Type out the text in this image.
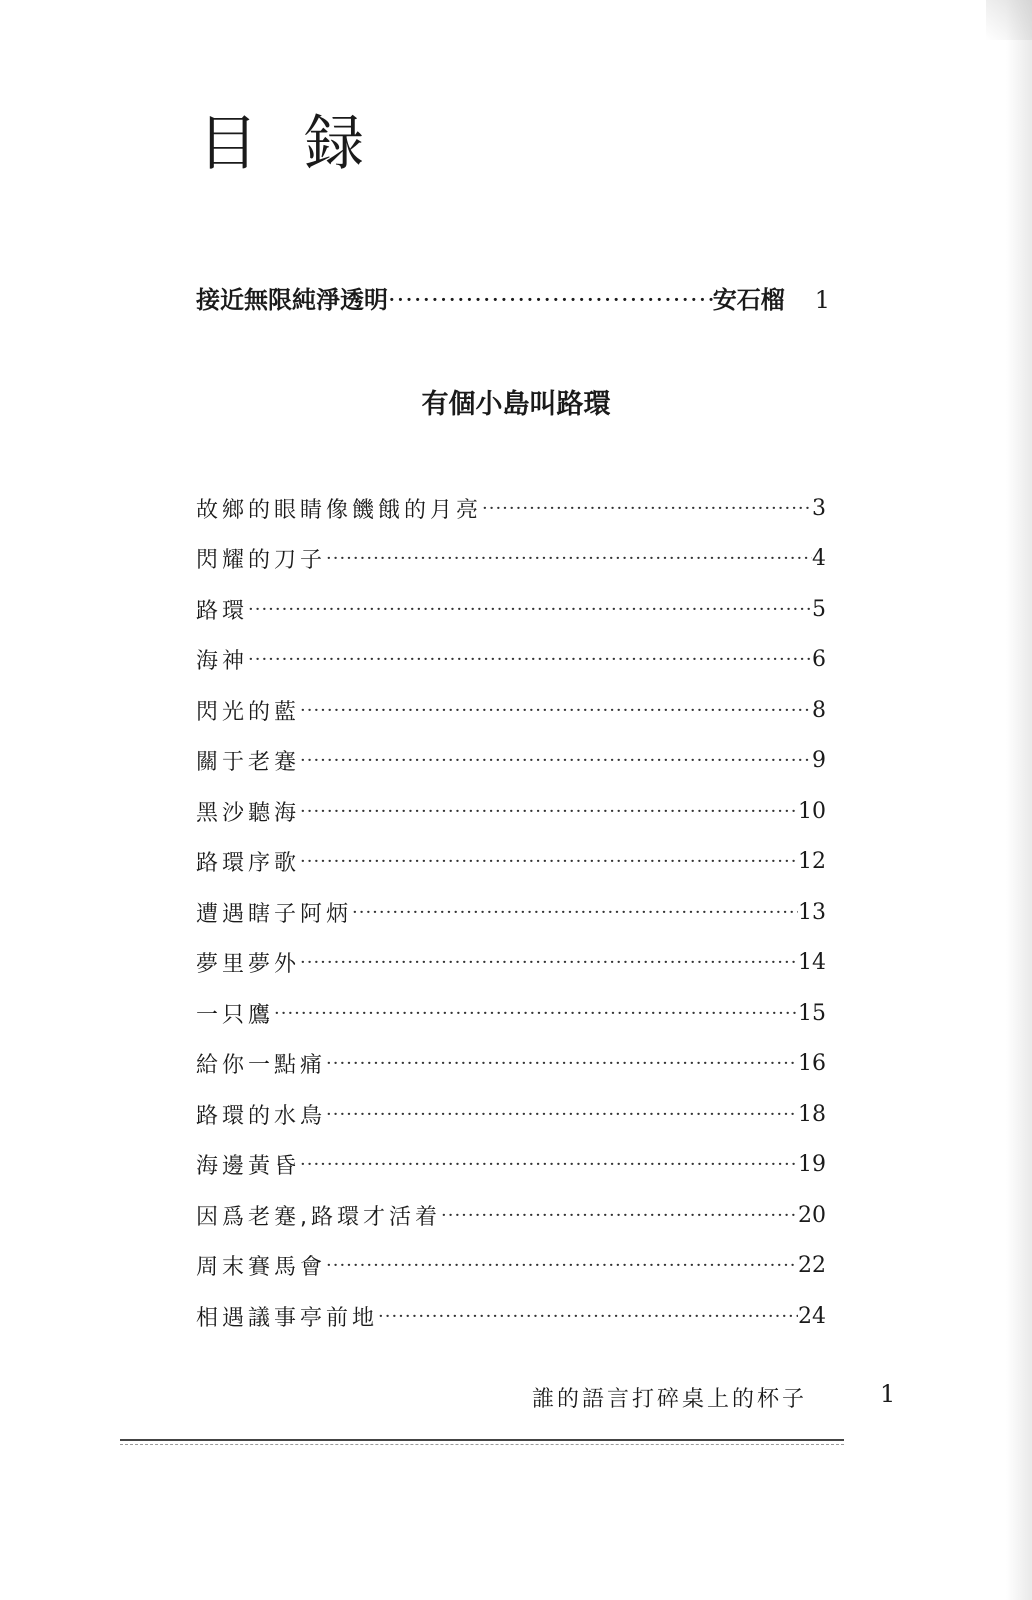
目録
接近無限純淨透明 ·····	安石榴 1
有個小島叫路環
故鄉的眼睛像饑餓的月亮 ·····	3
閃耀的刀子 ·····	4
路環 ·····	5
海神 ·····	6
閃光的藍 ·····	8
關于老蹇 ·····	9
黑沙聽海 ·····	10
路環序歌 ·····	12
遭遇瞎子阿炳 ·····	13
夢里夢外 ·····	14
一只鷹 ·····	15
給你一點痛 ·····	16
路環的水鳥 ·····	18
海邊黃昏 ·····	19
因爲老蹇,路環才活着 ·····	20
周末賽馬會 ·····	22
相遇議事亭前地 ·····	24
誰的語言打碎桌上的杯子	1
